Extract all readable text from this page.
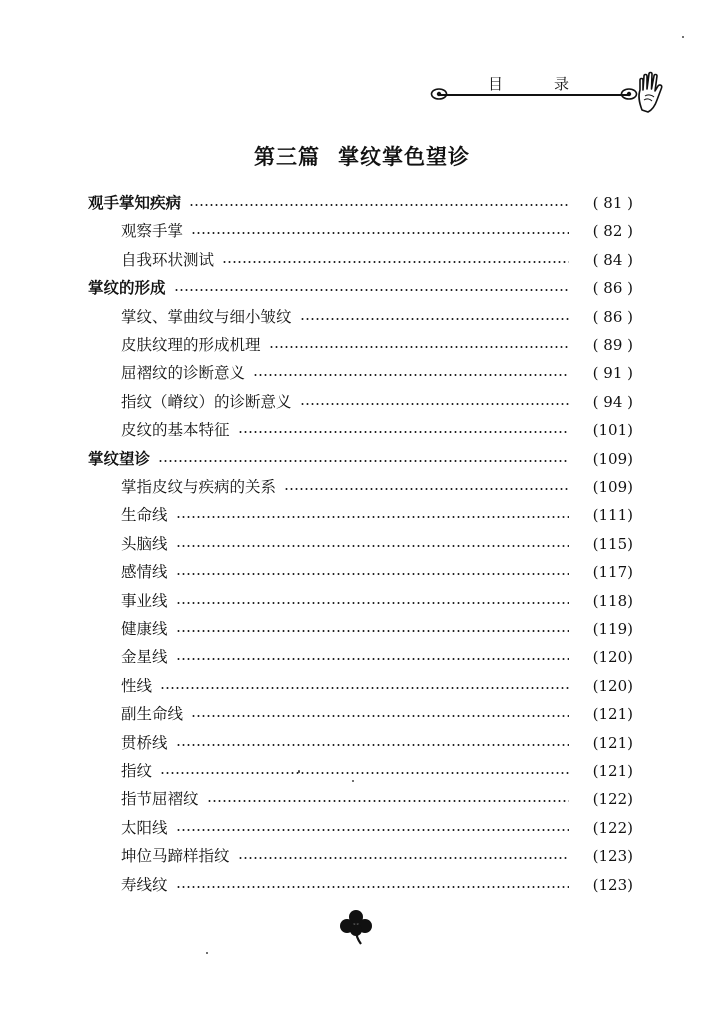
目	录
第三篇 掌纹掌色望诊
观手掌知疾病	( 81 )
观察手掌	( 82 )
自我环状测试	( 84 )
掌纹的形成	( 86 )
掌纹、掌曲纹与细小皱纹	( 86 )
皮肤纹理的形成机理	( 89 )
屈褶纹的诊断意义	( 91 )
指纹（嵴纹）的诊断意义	( 94 )
皮纹的基本特征	(101)
掌纹望诊	(109)
掌指皮纹与疾病的关系	(109)
生命线	(111)
头脑线	(115)
感情线	(117)
事业线	(118)
健康线	(119)
金星线	(120)
性线	(120)
副生命线	(121)
贯桥线	(121)
指纹	(121)
指节屈褶纹	(122)
太阳线	(122)
坤位马蹄样指纹	(123)
寿线纹	(123)
